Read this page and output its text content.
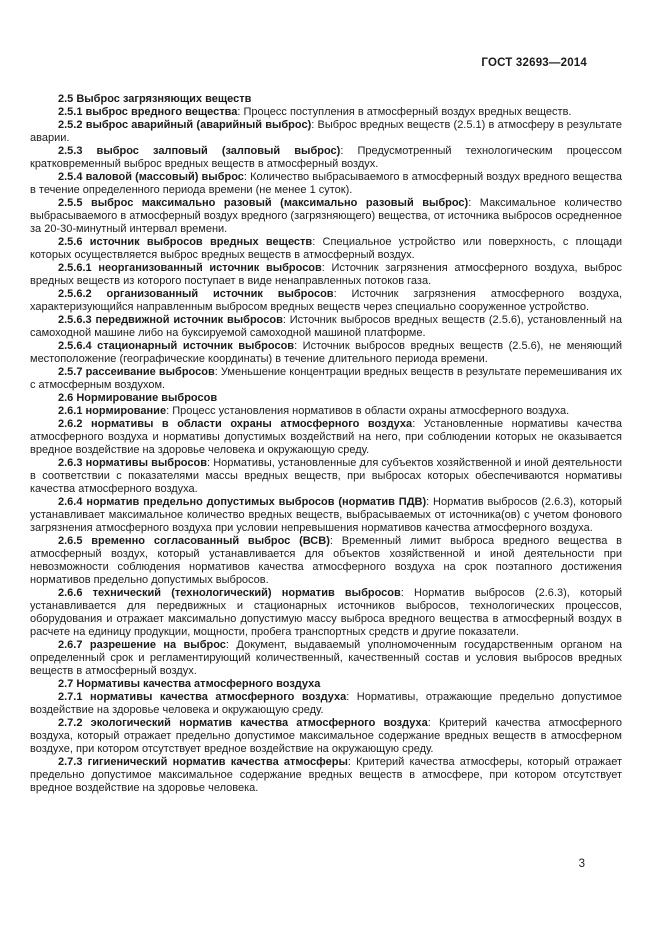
ГОСТ 32693—2014

2.5 Выброс загрязняющих веществ

2.5.1 выброс вредного вещества: Процесс поступления в атмосферный воздух вредных веществ.

2.5.2 выброс аварийный (аварийный выброс): Выброс вредных веществ (2.5.1) в атмосферу в результате аварии.

2.5.3 выброс залповый (залповый выброс): Предусмотренный технологическим процессом кратковременный выброс вредных веществ в атмосферный воздух.

2.5.4 валовой (массовый) выброс: Количество выбрасываемого в атмосферный воздух вредного вещества в течение определенного периода времени (не менее 1 суток).

2.5.5 выброс максимально разовый (максимально разовый выброс): Максимальное количество выбрасываемого в атмосферный воздух вредного (загрязняющего) вещества, от источника выбросов осредненное за 20-30-минутный интервал времени.

2.5.6 источник выбросов вредных веществ: Специальное устройство или поверхность, с площади которых осуществляется выброс вредных веществ в атмосферный воздух.

2.5.6.1 неорганизованный источник выбросов: Источник загрязнения атмосферного воздуха, выброс вредных веществ из которого поступает в виде ненаправленных потоков газа.

2.5.6.2 организованный источник выбросов: Источник загрязнения атмосферного воздуха, характеризующийся направленным выбросом вредных веществ через специально сооруженное устройство.

2.5.6.3 передвижной источник выбросов: Источник выбросов вредных веществ (2.5.6), установленный на самоходной машине либо на буксируемой самоходной машиной платформе.

2.5.6.4 стационарный источник выбросов: Источник выбросов вредных веществ (2.5.6), не меняющий местоположение (географические координаты) в течение длительного периода времени.

2.5.7 рассеивание выбросов: Уменьшение концентрации вредных веществ в результате перемешивания их с атмосферным воздухом.

2.6 Нормирование выбросов

2.6.1 нормирование: Процесс установления нормативов в области охраны атмосферного воздуха.

2.6.2 нормативы в области охраны атмосферного воздуха: Установленные нормативы качества атмосферного воздуха и нормативы допустимых воздействий на него, при соблюдении которых не оказывается вредное воздействие на здоровье человека и окружающую среду.

2.6.3 нормативы выбросов: Нормативы, установленные для субъектов хозяйственной и иной деятельности в соответствии с показателями массы вредных веществ, при выбросах которых обеспечиваются нормативы качества атмосферного воздуха.

2.6.4 норматив предельно допустимых выбросов (норматив ПДВ): Норматив выбросов (2.6.3), который устанавливает максимальное количество вредных веществ, выбрасываемых от источника(ов) с учетом фонового загрязнения атмосферного воздуха при условии непревышения нормативов качества атмосферного воздуха.

2.6.5 временно согласованный выброс (ВСВ): Временный лимит выброса вредного вещества в атмосферный воздух, который устанавливается для объектов хозяйственной и иной деятельности при невозможности соблюдения нормативов качества атмосферного воздуха на срок поэтапного достижения нормативов предельно допустимых выбросов.

2.6.6 технический (технологический) норматив выбросов: Норматив выбросов (2.6.3), который устанавливается для передвижных и стационарных источников выбросов, технологических процессов, оборудования и отражает максимально допустимую массу выброса вредного вещества в атмосферный воздух в расчете на единицу продукции, мощности, пробега транспортных средств и другие показатели.

2.6.7 разрешение на выброс: Документ, выдаваемый уполномоченным государственным органом на определенный срок и регламентирующий количественный, качественный состав и условия выбросов вредных веществ в атмосферный воздух.

2.7 Нормативы качества атмосферного воздуха

2.7.1 нормативы качества атмосферного воздуха: Нормативы, отражающие предельно допустимое воздействие на здоровье человека и окружающую среду.

2.7.2 экологический норматив качества атмосферного воздуха: Критерий качества атмосферного воздуха, который отражает предельно допустимое максимальное содержание вредных веществ в атмосферном воздухе, при котором отсутствует вредное воздействие на окружающую среду.

2.7.3 гигиенический норматив качества атмосферы: Критерий качества атмосферы, который отражает предельно допустимое максимальное содержание вредных веществ в атмосфере, при котором отсутствует вредное воздействие на здоровье человека.

3
